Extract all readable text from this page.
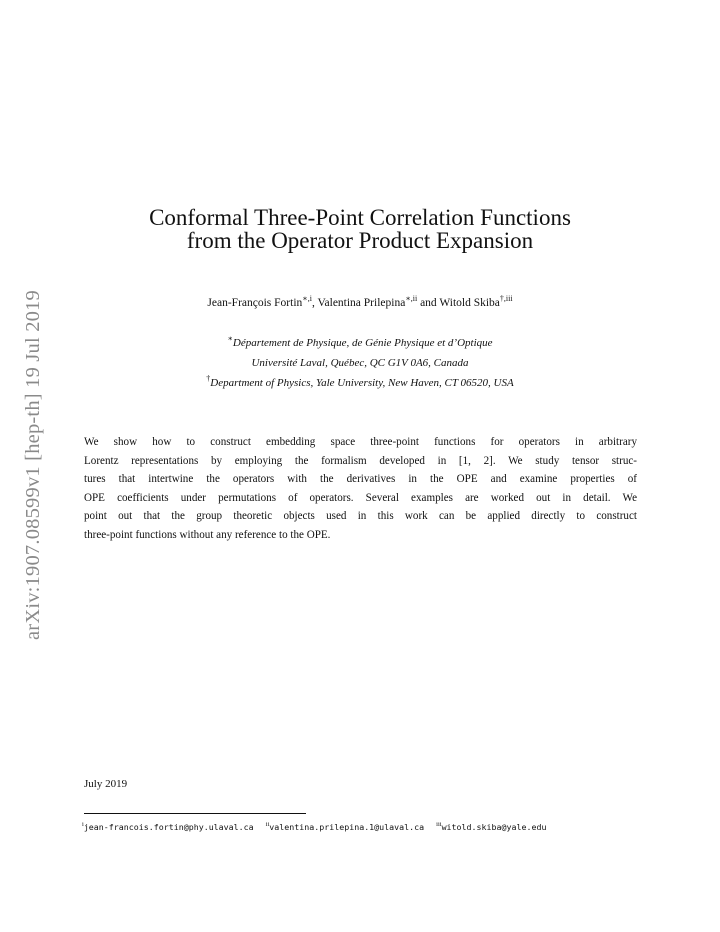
arXiv:1907.08599v1 [hep-th] 19 Jul 2019
Conformal Three-Point Correlation Functions
from the Operator Product Expansion
Jean-François Fortin$^{∗,i}$, Valentina Prilepina$^{∗,ii}$ and Witold Skiba$^{\dagger,iii}$
∗Département de Physique, de Génie Physique et d’Optique
Université Laval, Québec, QC G1V 0A6, Canada
†Department of Physics, Yale University, New Haven, CT 06520, USA
We show how to construct embedding space three-point functions for operators in arbitrary
Lorentz representations by employing the formalism developed in [1, 2]. We study tensor struc-
tures that intertwine the operators with the derivatives in the OPE and examine properties of
OPE coefficients under permutations of operators. Several examples are worked out in detail. We
point out that the group theoretic objects used in this work can be applied directly to construct
three-point functions without any reference to the OPE.
July 2019
$^i$jean-francois.fortin@phy.ulaval.ca $^{ii}$valentina.prilepina.1@ulaval.ca $^{iii}$witold.skiba@yale.edu
